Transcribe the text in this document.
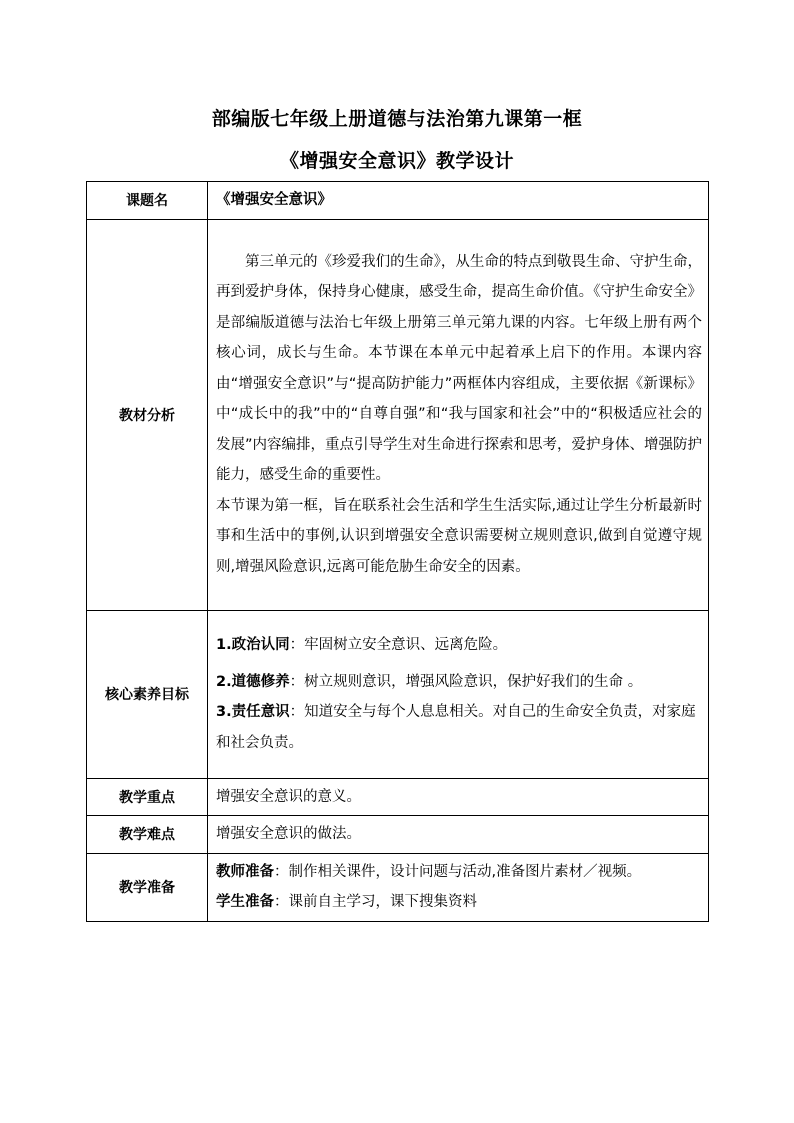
部编版七年级上册道德与法治第九课第一框
《增强安全意识》教学设计
课题名	《增强安全意识》
教材分析	第三单元的《珍爱我们的生命》，从生命的特点到敬畏生命、守护生命，再到爱护身体，保持身心健康，感受生命，提高生命价值。《守护生命安全》是部编版道德与法治七年级上册第三单元第九课的内容。七年级上册有两个核心词，成长与生命。本节课在本单元中起着承上启下的作用。本课内容由“增强安全意识”与“提高防护能力”两框体内容组成，主要依据《新课标》中“成长中的我”中的“自尊自强”和“我与国家和社会”中的“积极适应社会的发展”内容编排，重点引导学生对生命进行探索和思考，爱护身体、增强防护能力，感受生命的重要性。

本节课为第一框，旨在联系社会生活和学生生活实际,通过让学生分析最新时事和生活中的事例,认识到增强安全意识需要树立规则意识,做到自觉遵守规则,增强风险意识,远离可能危胁生命安全的因素。

核心素养目标	1.政治认同：牢固树立安全意识、远离危险。

2.道德修养：树立规则意识，增强风险意识，保护好我们的生命 。

3.责任意识：知道安全与每个人息息相关。对自己的生命安全负责，对家庭和社会负责。

教学重点	增强安全意识的意义。
教学难点	增强安全意识的做法。
教学准备	教师准备：制作相关课件，设计问题与活动,准备图片素材／视频。

学生准备：课前自主学习，课下搜集资料
